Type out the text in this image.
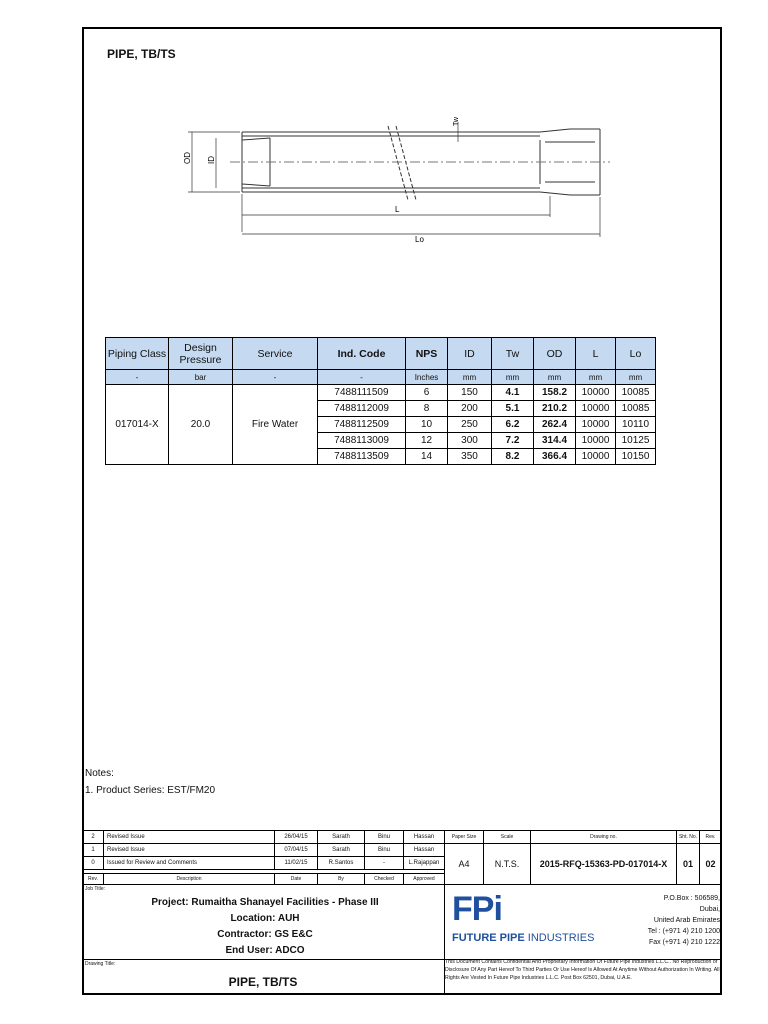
PIPE, TB/TS
Tw
OD ID
L
Lo
Piping Class	Design Pressure	Service	Ind. Code	NPS	ID	Tw	OD	L	Lo
-	bar	-	-	Inches	mm	mm	mm	mm	mm
017014-X	20.0	Fire Water	7488111509	6	150	4.1	158.2	10000	10085
			7488112009	8	200	5.1	210.2	10000	10085
			7488112509	10	250	6.2	262.4	10000	10110
			7488113009	12	300	7.2	314.4	10000	10125
			7488113509	14	350	8.2	366.4	10000	10150
Notes:
1. Product Series: EST/FM20
2	Revised Issue	26/04/15	Sarath	Binu	Hassan
1	Revised Issue	07/04/15	Sarath	Binu	Hassan
0	Issued for Review and Comments	11/02/15	R.Santos	-	L.Rajappan
Rev.	Description	Date	By	Checked	Approved
Paper Size	Scale	Drawing no.	Sht. No.	Rev.
A4	N.T.S.	2015-RFQ-15363-PD-017014-X	01	02
Job Title:
Drawing Title:
Project: Rumaitha Shanayel Facilities - Phase III
Location: AUH
Contractor: GS E&C
End User: ADCO
PIPE, TB/TS
FPi
FUTURE PIPE INDUSTRIES
P.O.Box : 506589, Dubai,
United Arab Emirates
Tel : (+971 4) 210 1200
Fax (+971 4) 210 1222
This Document Contains Confidential And Proprietary Information Of Future Pipe Industries L.L.C.. No Reproduction or Disclosure Of Any Part Hereof To Third Parties Or Use Hereof Is Allowed At Anytime Without Authorization In Writing. All Rights Are Vested In Future Pipe Industries L.L.C. Post Box 62501, Dubai, U.A.E.
